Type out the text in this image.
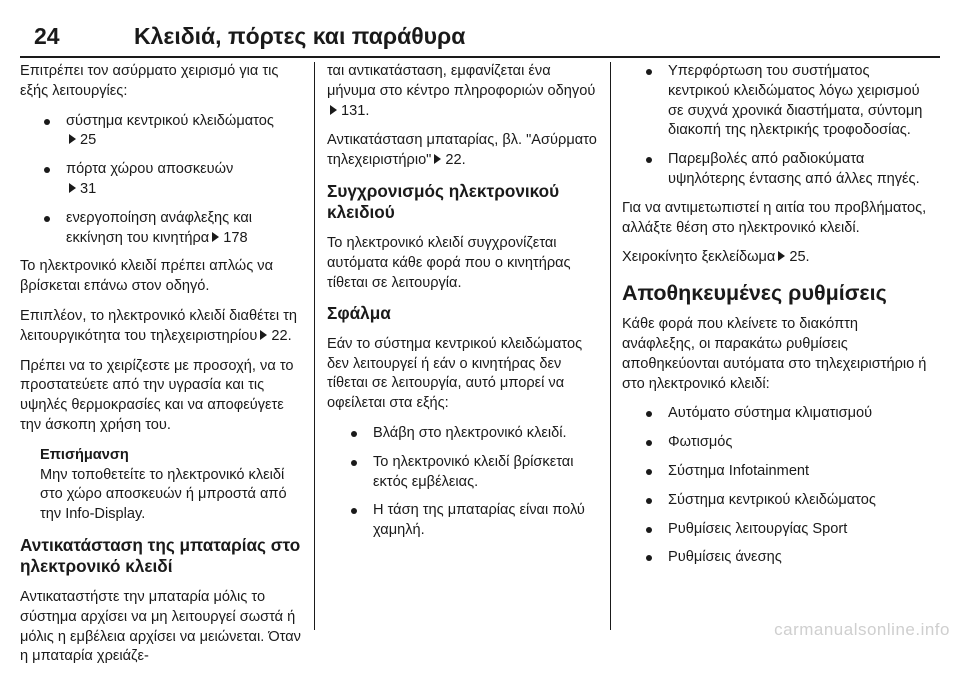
24	Κλειδιά, πόρτες και παράθυρα

Επιτρέπει τον ασύρματο χειρισμό για τις εξής λειτουργίες:

σύστημα κεντρικού κλειδώματος
25
πόρτα χώρου αποσκευών
31
ενεργοποίηση ανάφλεξης και εκκίνηση του κινητήρα 178

Το ηλεκτρονικό κλειδί πρέπει απλώς να βρίσκεται επάνω στον οδηγό.

Επιπλέον, το ηλεκτρονικό κλειδί διαθέτει τη λειτουργικότητα του τηλεχειριστηρίου 22.

Πρέπει να το χειρίζεστε με προσοχή, να το προστατεύετε από την υγρασία και τις υψηλές θερμοκρασίες και να αποφεύγετε την άσκοπη χρήση του.

Επισήμανση
Μην τοποθετείτε το ηλεκτρονικό κλειδί στο χώρο αποσκευών ή μπροστά από την Info-Display.
Αντικατάσταση της μπαταρίας στο ηλεκτρονικό κλειδί

Αντικαταστήστε την μπαταρία μόλις το σύστημα αρχίσει να μη λειτουργεί σωστά ή μόλις η εμβέλεια αρχίσει να μειώνεται. Όταν η μπαταρία χρειάζε-

ται αντικατάσταση, εμφανίζεται ένα μήνυμα στο κέντρο πληροφοριών οδηγού131.

Αντικατάσταση μπαταρίας, βλ. "Ασύρματο τηλεχειριστήριο" 22.

Συγχρονισμός ηλεκτρονικού κλειδιού

Το ηλεκτρονικό κλειδί συγχρονίζεται αυτόματα κάθε φορά που ο κινητήρας τίθεται σε λειτουργία.

Σφάλμα

Εάν το σύστημα κεντρικού κλειδώματος δεν λειτουργεί ή εάν ο κινητήρας δεν τίθεται σε λειτουργία, αυτό μπορεί να οφείλεται στα εξής:

Βλάβη στο ηλεκτρονικό κλειδί.
Το ηλεκτρονικό κλειδί βρίσκεται εκτός εμβέλειας.
Η τάση της μπαταρίας είναι πολύ χαμηλή.
Υπερφόρτωση του συστήματος κεντρικού κλειδώματος λόγω χειρισμού σε συχνά χρονικά διαστήματα, σύντομη διακοπή της ηλεκτρικής τροφοδοσίας.
Παρεμβολές από ραδιοκύματα υψηλότερης έντασης από άλλες πηγές.

Για να αντιμετωπιστεί η αιτία του προβλήματος, αλλάξτε θέση στο ηλεκτρονικό κλειδί.

Χειροκίνητο ξεκλείδωμα 25.

Αποθηκευμένες ρυθμίσεις

Κάθε φορά που κλείνετε το διακόπτη ανάφλεξης, οι παρακάτω ρυθμίσεις αποθηκεύονται αυτόματα στο τηλεχειριστήριο ή στο ηλεκτρονικό κλειδί:

Αυτόματο σύστημα κλιματισμού
Φωτισμός
Σύστημα Infotainment
Σύστημα κεντρικού κλειδώματος
Ρυθμίσεις λειτουργίας Sport
Ρυθμίσεις άνεσης
carmanualsonline.info
